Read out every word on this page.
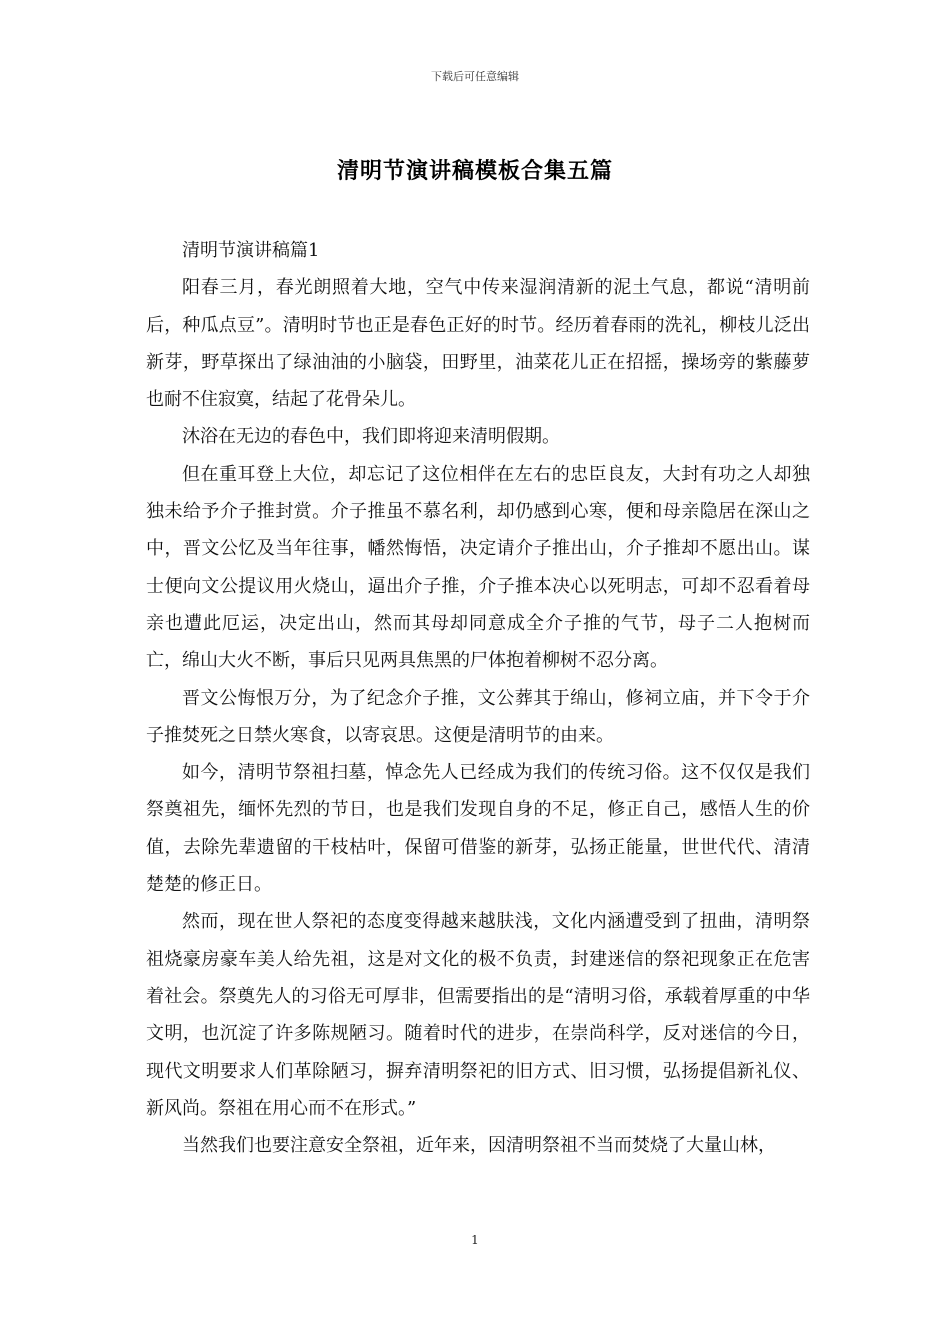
下载后可任意编辑
清明节演讲稿模板合集五篇

清明节演讲稿篇1

阳春三月，春光朗照着大地，空气中传来湿润清新的泥土气息，都说“清明前后，种瓜点豆”。清明时节也正是春色正好的时节。经历着春雨的洗礼，柳枝儿泛出新芽，野草探出了绿油油的小脑袋，田野里，油菜花儿正在招摇，操场旁的紫藤萝也耐不住寂寞，结起了花骨朵儿。

沐浴在无边的春色中，我们即将迎来清明假期。

但在重耳登上大位，却忘记了这位相伴在左右的忠臣良友，大封有功之人却独独未给予介子推封赏。介子推虽不慕名利，却仍感到心寒，便和母亲隐居在深山之中，晋文公忆及当年往事，幡然悔悟，决定请介子推出山，介子推却不愿出山。谋士便向文公提议用火烧山，逼出介子推，介子推本决心以死明志，可却不忍看着母亲也遭此厄运，决定出山，然而其母却同意成全介子推的气节，母子二人抱树而亡，绵山大火不断，事后只见两具焦黑的尸体抱着柳树不忍分离。

晋文公悔恨万分，为了纪念介子推，文公葬其于绵山，修祠立庙，并下令于介子推焚死之日禁火寒食，以寄哀思。这便是清明节的由来。

如今，清明节祭祖扫墓，悼念先人已经成为我们的传统习俗。这不仅仅是我们祭奠祖先，缅怀先烈的节日，也是我们发现自身的不足，修正自己，感悟人生的价值，去除先辈遗留的干枝枯叶，保留可借鉴的新芽，弘扬正能量，世世代代、清清楚楚的修正日。

然而，现在世人祭祀的态度变得越来越肤浅，文化内涵遭受到了扭曲，清明祭祖烧豪房豪车美人给先祖，这是对文化的极不负责，封建迷信的祭祀现象正在危害着社会。祭奠先人的习俗无可厚非，但需要指出的是“清明习俗，承载着厚重的中华文明，也沉淀了许多陈规陋习。随着时代的进步，在崇尚科学，反对迷信的今日，现代文明要求人们革除陋习，摒弃清明祭祀的旧方式、旧习惯，弘扬提倡新礼仪、新风尚。祭祖在用心而不在形式。”

当然我们也要注意安全祭祖，近年来，因清明祭祖不当而焚烧了大量山林，

1
